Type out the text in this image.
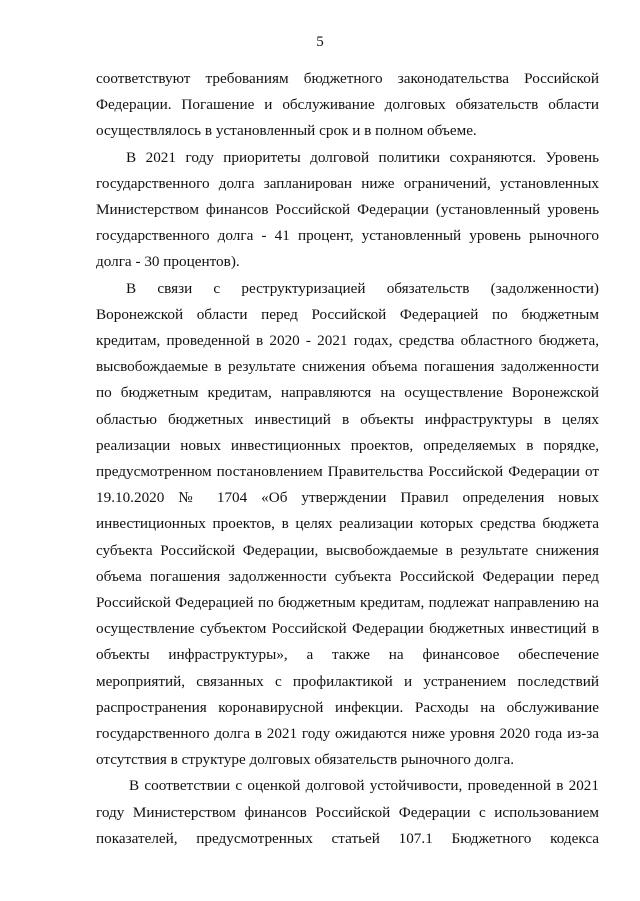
5

соответствуют требованиям бюджетного законодательства Российской Федерации. Погашение и обслуживание долговых обязательств области осуществлялось в установленный срок и в полном объеме.

В 2021 году приоритеты долговой политики сохраняются. Уровень государственного долга запланирован ниже ограничений, установленных Министерством финансов Российской Федерации (установленный уровень государственного долга - 41 процент, установленный уровень рыночного долга - 30 процентов).

В связи с реструктуризацией обязательств (задолженности) Воронежской области перед Российской Федерацией по бюджетным кредитам, проведенной в 2020 - 2021 годах, средства областного бюджета, высвобождаемые в результате снижения объема погашения задолженности по бюджетным кредитам, направляются на осуществление Воронежской областью бюджетных инвестиций в объекты инфраструктуры в целях реализации новых инвестиционных проектов, определяемых в порядке, предусмотренном постановлением Правительства Российской Федерации от 19.10.2020 № 1704 «Об утверждении Правил определения новых инвестиционных проектов, в целях реализации которых средства бюджета субъекта Российской Федерации, высвобождаемые в результате снижения объема погашения задолженности субъекта Российской Федерации перед Российской Федерацией по бюджетным кредитам, подлежат направлению на осуществление субъектом Российской Федерации бюджетных инвестиций в объекты инфраструктуры», а также на финансовое обеспечение мероприятий, связанных с профилактикой и устранением последствий распространения коронавирусной инфекции. Расходы на обслуживание государственного долга в 2021 году ожидаются ниже уровня 2020 года из-за отсутствия в структуре долговых обязательств рыночного долга.

В соответствии с оценкой долговой устойчивости, проведенной в 2021 году Министерством финансов Российской Федерации с использованием показателей, предусмотренных статьей 107.1 Бюджетного кодекса
